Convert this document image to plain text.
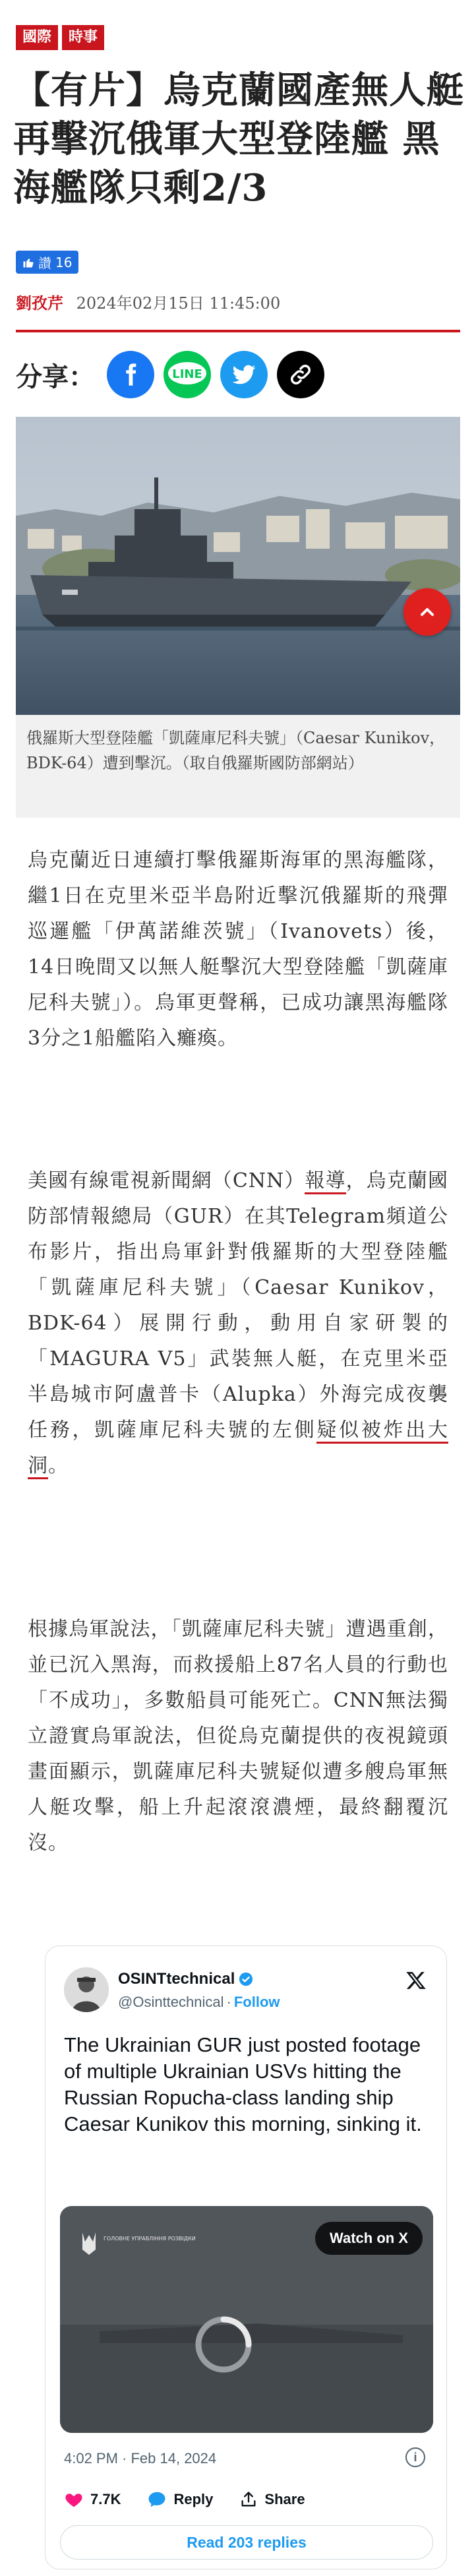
國際	時事
【有片】烏克蘭國產無人艇再擊沉俄軍大型登陸艦 黑海艦隊只剩2/3
讚 16
劉孜芹 2024年02月15日 11:45:00
分享：	LINE
俄羅斯大型登陸艦「凱薩庫尼科夫號」（Caesar Kunikov，BDK-64）遭到擊沉。（取自俄羅斯國防部網站）

烏克蘭近日連續打擊俄羅斯海軍的黑海艦隊，繼1日在克里米亞半島附近擊沉俄羅斯的飛彈巡邏艦「伊萬諾維茨號」（Ivanovets）後，14日晚間又以無人艇擊沉大型登陸艦「凱薩庫尼科夫號」）。烏軍更聲稱，已成功讓黑海艦隊3分之1船艦陷入癱瘓。

美國有線電視新聞網（CNN）報導，烏克蘭國防部情報總局（GUR）在其Telegram頻道公布影片，指出烏軍針對俄羅斯的大型登陸艦「凱薩庫尼科夫號」（Caesar Kunikov，BDK-64）展開行動，動用自家研製的「MAGURA V5」武裝無人艇，在克里米亞半島城市阿盧普卡（Alupka）外海完成夜襲任務，凱薩庫尼科夫號的左側疑似被炸出大洞。

根據烏軍說法，「凱薩庫尼科夫號」遭遇重創，並已沉入黑海，而救援船上87名人員的行動也「不成功」，多數船員可能死亡。CNN無法獨立證實烏軍說法，但從烏克蘭提供的夜視鏡頭畫面顯示，凱薩庫尼科夫號疑似遭多艘烏軍無人艇攻擊，船上升起滾滾濃煙，最終翻覆沉沒。

OSINTtechnical
@Osinttechnical · Follow

The Ukrainian GUR just posted footage of multiple Ukrainian USVs hitting the Russian Ropucha-class landing ship Caesar Kunikov this morning, sinking it.

ГОЛОВНЕ УПРАВЛІННЯ РОЗВІДКИ	Watch on X
4:02 PM · Feb 14, 2024	i
7.7K	Reply	Share
Read 203 replies
